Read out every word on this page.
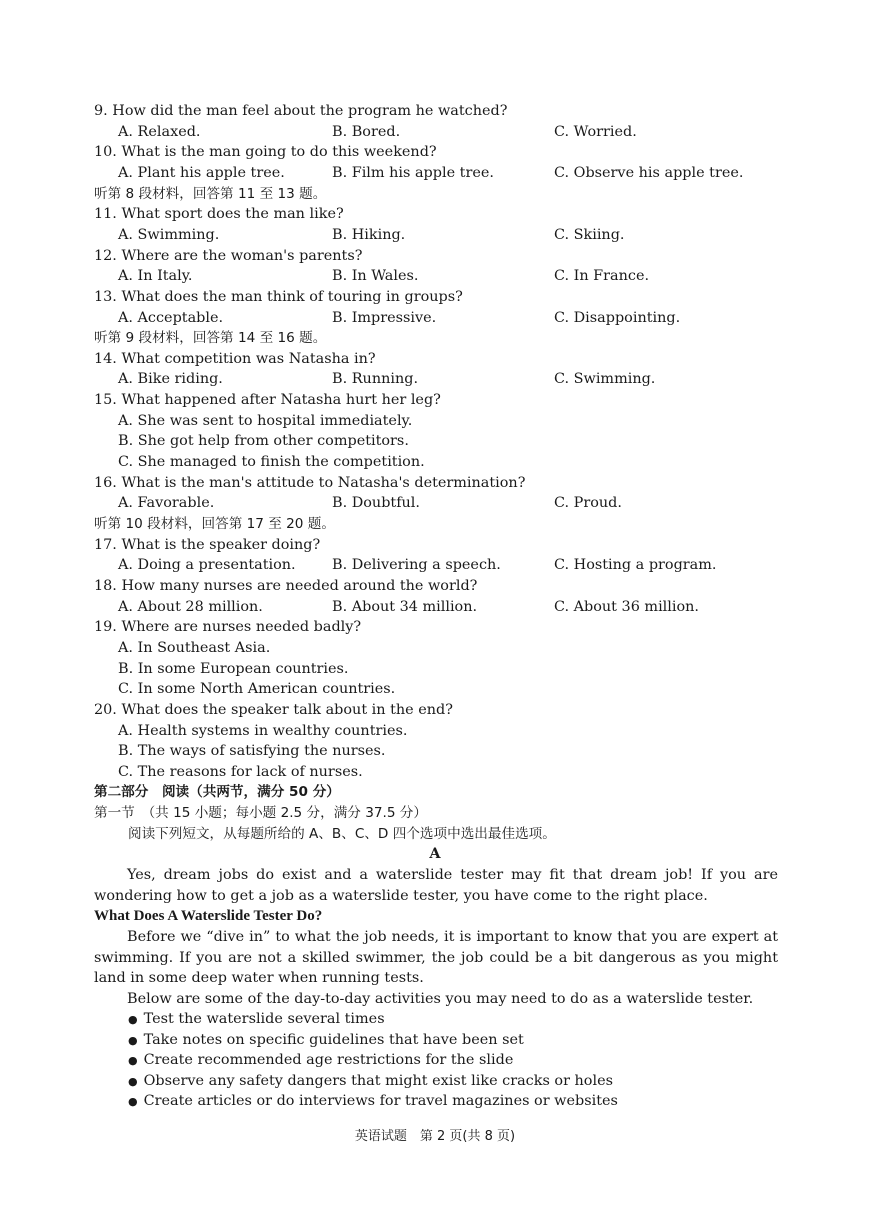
9. How did the man feel about the program he watched?
A. Relaxed.	B. Bored.	C. Worried.
10. What is the man going to do this weekend?
A. Plant his apple tree.	B. Film his apple tree.	C. Observe his apple tree.
听第 8 段材料，回答第 11 至 13 题。
11. What sport does the man like?
A. Swimming.	B. Hiking.	C. Skiing.
12. Where are the woman's parents?
A. In Italy.	B. In Wales.	C. In France.
13. What does the man think of touring in groups?
A. Acceptable.	B. Impressive.	C. Disappointing.
听第 9 段材料，回答第 14 至 16 题。
14. What competition was Natasha in?
A. Bike riding.	B. Running.	C. Swimming.
15. What happened after Natasha hurt her leg?
A. She was sent to hospital immediately.
B. She got help from other competitors.
C. She managed to finish the competition.
16. What is the man's attitude to Natasha's determination?
A. Favorable.	B. Doubtful.	C. Proud.
听第 10 段材料，回答第 17 至 20 题。
17. What is the speaker doing?
A. Doing a presentation.	B. Delivering a speech.	C. Hosting a program.
18. How many nurses are needed around the world?
A. About 28 million.	B. About 34 million.	C. About 36 million.
19. Where are nurses needed badly?
A. In Southeast Asia.
B. In some European countries.
C. In some North American countries.
20. What does the speaker talk about in the end?
A. Health systems in wealthy countries.
B. The ways of satisfying the nurses.
C. The reasons for lack of nurses.
第二部分　阅读（共两节，满分 50 分）
第一节　（共 15 小题；每小题 2.5 分，满分 37.5 分）
阅读下列短文，从每题所给的 A、B、C、D 四个选项中选出最佳选项。
A

Yes, dream jobs do exist and a waterslide tester may fit that dream job! If you are wondering how to get a job as a waterslide tester, you have come to the right place.

What Does A Waterslide Tester Do?

Before we “dive in” to what the job needs, it is important to know that you are expert at swimming. If you are not a skilled swimmer, the job could be a bit dangerous as you might land in some deep water when running tests.

Below are some of the day-to-day activities you may need to do as a waterslide tester.

● Test the waterslide several times
● Take notes on specific guidelines that have been set
● Create recommended age restrictions for the slide
● Observe any safety dangers that might exist like cracks or holes
● Create articles or do interviews for travel magazines or websites
英语试题　第 2 页(共 8 页)
